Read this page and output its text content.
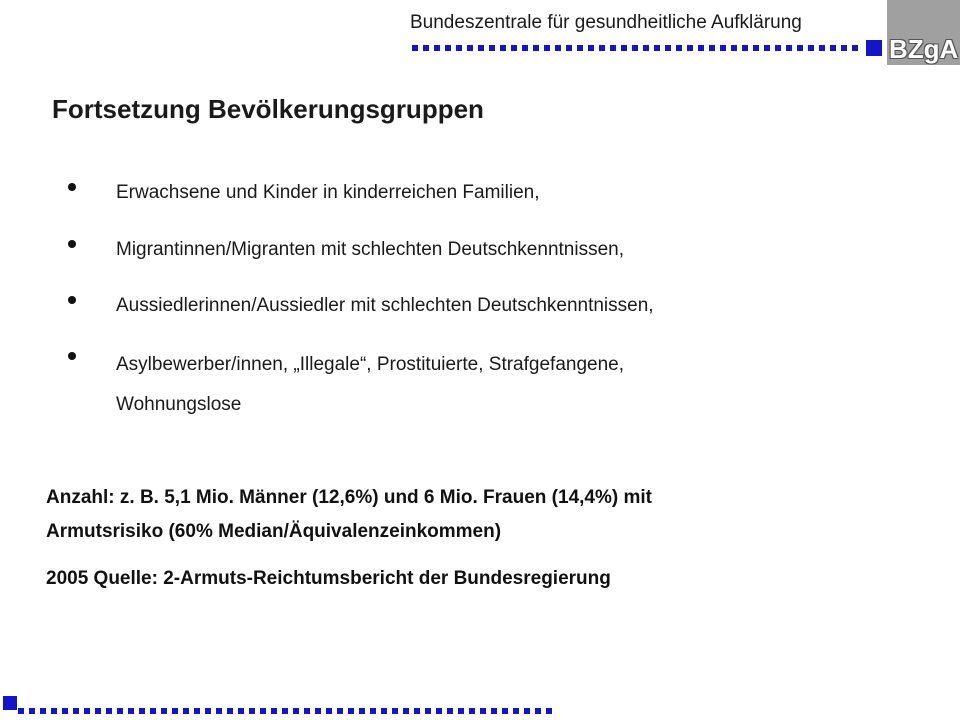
Bundeszentrale für gesundheitliche Aufklärung
BZgA
Fortsetzung Bevölkerungsgruppen
Erwachsene und Kinder in kinderreichen Familien,
Migrantinnen/Migranten mit schlechten Deutschkenntnissen,
Aussiedlerinnen/Aussiedler mit schlechten Deutschkenntnissen,
Asylbewerber/innen, „Illegale“, Prostituierte, Strafgefangene,
Wohnungslose
Anzahl: z. B. 5,1 Mio. Männer (12,6%) und 6 Mio. Frauen (14,4%) mit
Armutsrisiko (60% Median/Äquivalenzeinkommen)
2005 Quelle: 2-Armuts-Reichtumsbericht der Bundesregierung
